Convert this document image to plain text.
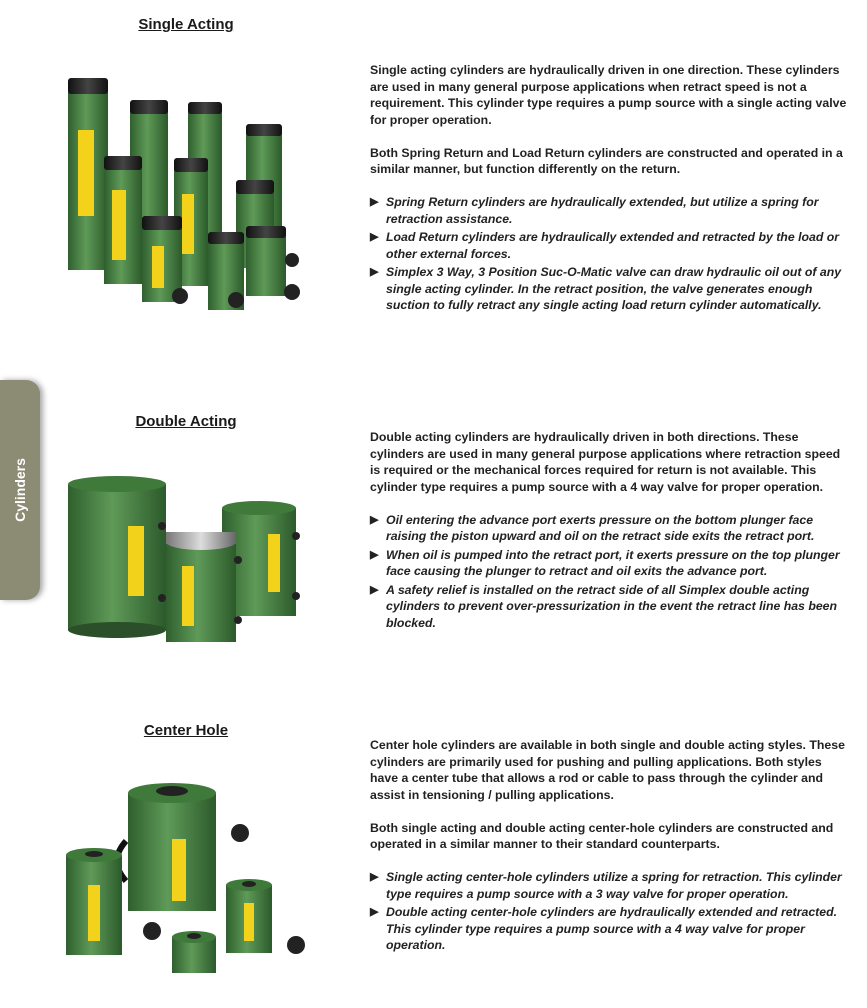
Cylinders
Single Acting

Single acting cylinders are hydraulically driven in one direction. These cylinders are used in many general purpose applications when retract speed is not a requirement. This cylinder type requires a pump source with a single acting valve for proper operation.

Both Spring Return and Load Return cylinders are constructed and operated in a similar manner, but function differently on the return.

▶ Spring Return cylinders are hydraulically extended, but utilize a spring for retraction assistance.
▶ Load Return cylinders are hydraulically extended and retracted by the load or other external forces.
▶ Simplex 3 Way, 3 Position Suc-O-Matic valve can draw hydraulic oil out of any single acting cylinder. In the retract position, the valve generates enough suction to fully retract any single acting load return cylinder automatically.
Double Acting

Double acting cylinders are hydraulically driven in both directions. These cylinders are used in many general purpose applications where retraction speed is required or the mechanical forces required for return is not available. This cylinder type requires a pump source with a 4 way valve for proper operation.

▶ Oil entering the advance port exerts pressure on the bottom plunger face raising the piston upward and oil on the retract side exits the retract port.
▶ When oil is pumped into the retract port, it exerts pressure on the top plunger face causing the plunger to retract and oil exits the advance port.
▶ A safety relief is installed on the retract side of all Simplex double acting cylinders to prevent over-pressurization in the event the retract line has been blocked.
Center Hole

Center hole cylinders are available in both single and double acting styles. These cylinders are primarily used for pushing and pulling applications. Both styles have a center tube that allows a rod or cable to pass through the cylinder and assist in tensioning / pulling applications.

Both single acting and double acting center-hole cylinders are constructed and operated in a similar manner to their standard counterparts.

▶ Single acting center-hole cylinders utilize a spring for retraction. This cylinder type requires a pump source with a 3 way valve for proper operation.
▶ Double acting center-hole cylinders are hydraulically extended and retracted. This cylinder type requires a pump source with a 4 way valve for proper operation.
